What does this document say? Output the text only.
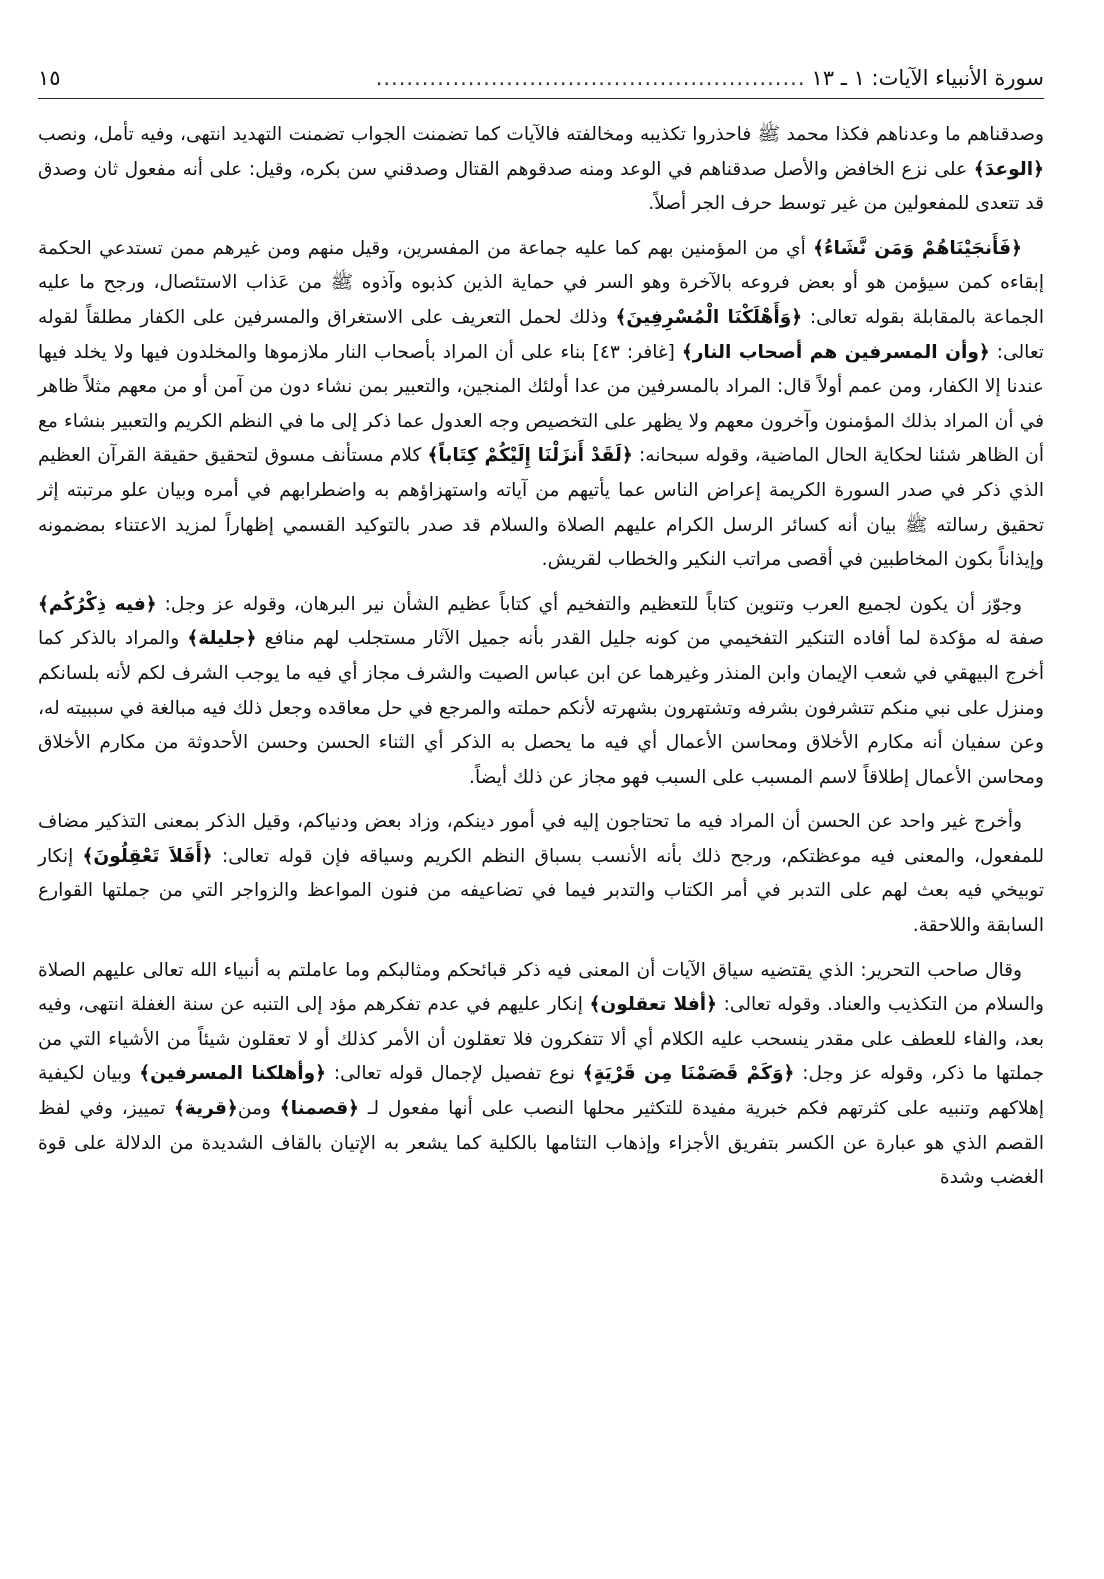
سورة الأنبياء الآيات: ١ ـ ١٣
........................................................
١٥

وصدقناهم ما وعدناهم فكذا محمد ﷺ فاحذروا تكذيبه ومخالفته فالآيات كما تضمنت الجواب تضمنت التهديد انتهى، وفيه تأمل، ونصب ﴿الوعدَ﴾ على نزع الخافض والأصل صدقناهم في الوعد ومنه صدقوهم القتال وصدقني سن بكره، وقيل: على أنه مفعول ثان وصدق قد تتعدى للمفعولين من غير توسط حرف الجر أصلاً.

﴿فَأَنجَيْنَاهُمْ وَمَن نَّشَاءُ﴾ أي من المؤمنين بهم كما عليه جماعة من المفسرين، وقيل منهم ومن غيرهم ممن تستدعي الحكمة إبقاءه كمن سيؤمن هو أو بعض فروعه بالآخرة وهو السر في حماية الذين كذبوه وآذوه ﷺ من عَذاب الاستئصال، ورجح ما عليه الجماعة بالمقابلة بقوله تعالى: ﴿وَأَهْلَكْنَا الْمُسْرِفِينَ﴾ وذلك لحمل التعريف على الاستغراق والمسرفين على الكفار مطلقاً لقوله تعالى: ﴿وأن المسرفين هم أصحاب النار﴾ [غافر: ٤٣] بناء على أن المراد بأصحاب النار ملازموها والمخلدون فيها ولا يخلد فيها عندنا إلا الكفار، ومن عمم أولاً قال: المراد بالمسرفين من عدا أولئك المنجين، والتعبير بمن نشاء دون من آمن أو من معهم مثلاً ظاهر في أن المراد بذلك المؤمنون وآخرون معهم ولا يظهر على التخصيص وجه العدول عما ذكر إلى ما في النظم الكريم والتعبير بنشاء مع أن الظاهر شئنا لحكاية الحال الماضية، وقوله سبحانه: ﴿لَقَدْ أَنزَلْنَا إِلَيْكُمْ كِتَاباً﴾ كلام مستأنف مسوق لتحقيق حقيقة القرآن العظيم الذي ذكر في صدر السورة الكريمة إعراض الناس عما يأتيهم من آياته واستهزاؤهم به واضطرابهم في أمره وبيان علو مرتبته إثر تحقيق رسالته ﷺ بيان أنه كسائر الرسل الكرام عليهم الصلاة والسلام قد صدر بالتوكيد القسمي إظهاراً لمزيد الاعتناء بمضمونه وإيذاناً بكون المخاطبين في أقصى مراتب النكير والخطاب لقريش.

وجوّز أن يكون لجميع العرب وتنوين كتاباً للتعظيم والتفخيم أي كتاباً عظيم الشأن نير البرهان، وقوله عز وجل: ﴿فيه ذِكْرُكُم﴾ صفة له مؤكدة لما أفاده التنكير التفخيمي من كونه جليل القدر بأنه جميل الآثار مستجلب لهم منافع ﴿جليلة﴾ والمراد بالذكر كما أخرج البيهقي في شعب الإيمان وابن المنذر وغيرهما عن ابن عباس الصيت والشرف مجاز أي فيه ما يوجب الشرف لكم لأنه بلسانكم ومنزل على نبي منكم تتشرفون بشرفه وتشتهرون بشهرته لأنكم حملته والمرجع في حل معاقده وجعل ذلك فيه مبالغة في سببيته له، وعن سفيان أنه مكارم الأخلاق ومحاسن الأعمال أي فيه ما يحصل به الذكر أي الثناء الحسن وحسن الأحدوثة من مكارم الأخلاق ومحاسن الأعمال إطلاقاً لاسم المسبب على السبب فهو مجاز عن ذلك أيضاً.

وأخرج غير واحد عن الحسن أن المراد فيه ما تحتاجون إليه في أمور دينكم، وزاد بعض ودنياكم، وقيل الذكر بمعنى التذكير مضاف للمفعول، والمعنى فيه موعظتكم، ورجح ذلك بأنه الأنسب بسباق النظم الكريم وسياقه فإن قوله تعالى: ﴿أَفَلاَ تَعْقِلُونَ﴾ إنكار توبيخي فيه بعث لهم على التدبر في أمر الكتاب والتدبر فيما في تضاعيفه من فنون المواعظ والزواجر التي من جملتها القوارع السابقة واللاحقة.

وقال صاحب التحرير: الذي يقتضيه سياق الآيات أن المعنى فيه ذكر قبائحكم ومثالبكم وما عاملتم به أنبياء الله تعالى عليهم الصلاة والسلام من التكذيب والعناد. وقوله تعالى: ﴿أفلا تعقلون﴾ إنكار عليهم في عدم تفكرهم مؤد إلى التنبه عن سنة الغفلة انتهى، وفيه بعد، والفاء للعطف على مقدر ينسحب عليه الكلام أي ألا تتفكرون فلا تعقلون أن الأمر كذلك أو لا تعقلون شيئاً من الأشياء التي من جملتها ما ذكر، وقوله عز وجل: ﴿وَكَمْ قَصَمْنَا مِن قَرْيَةٍ﴾ نوع تفصيل لإجمال قوله تعالى: ﴿وأهلكنا المسرفين﴾ وبيان لكيفية إهلاكهم وتنبيه على كثرتهم فكم خبرية مفيدة للتكثير محلها النصب على أنها مفعول لـ ﴿قصمنا﴾ ومن﴿قرية﴾ تمييز، وفي لفظ القصم الذي هو عبارة عن الكسر بتفريق الأجزاء وإذهاب التئامها بالكلية كما يشعر به الإتيان بالقاف الشديدة من الدلالة على قوة الغضب وشدة
